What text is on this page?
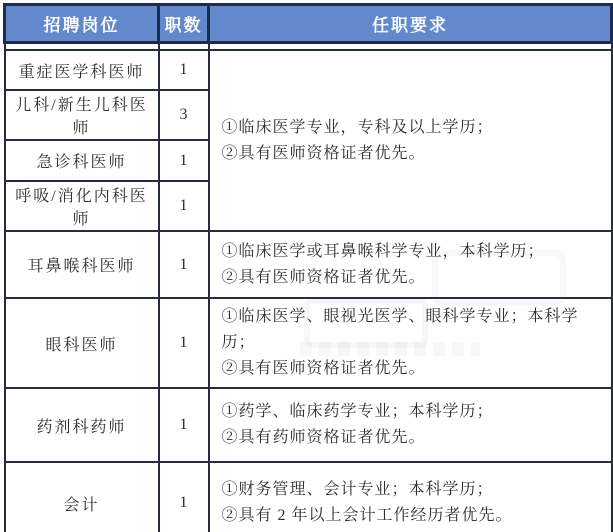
招聘岗位	职数	任职要求

重症医学科医师	1	①临床医学专业，专科及以上学历；
②具有医师资格证者优先。

儿科/新生儿科医师	3	
急诊科医师	1	
呼吸/消化内科医师	1	
耳鼻喉科医师	1	①临床医学或耳鼻喉科学专业，本科学历；
②具有医师资格证者优先。

眼科医师	1	①临床医学、眼视光医学、眼科学专业；本科学历；
②具有医师资格证者优先。

药剂科药师	1	①药学、临床药学专业；本科学历；
②具有药师资格证者优先。

会计	1	①财务管理、会计专业；本科学历；
②具有 2 年以上会计工作经历者优先。
